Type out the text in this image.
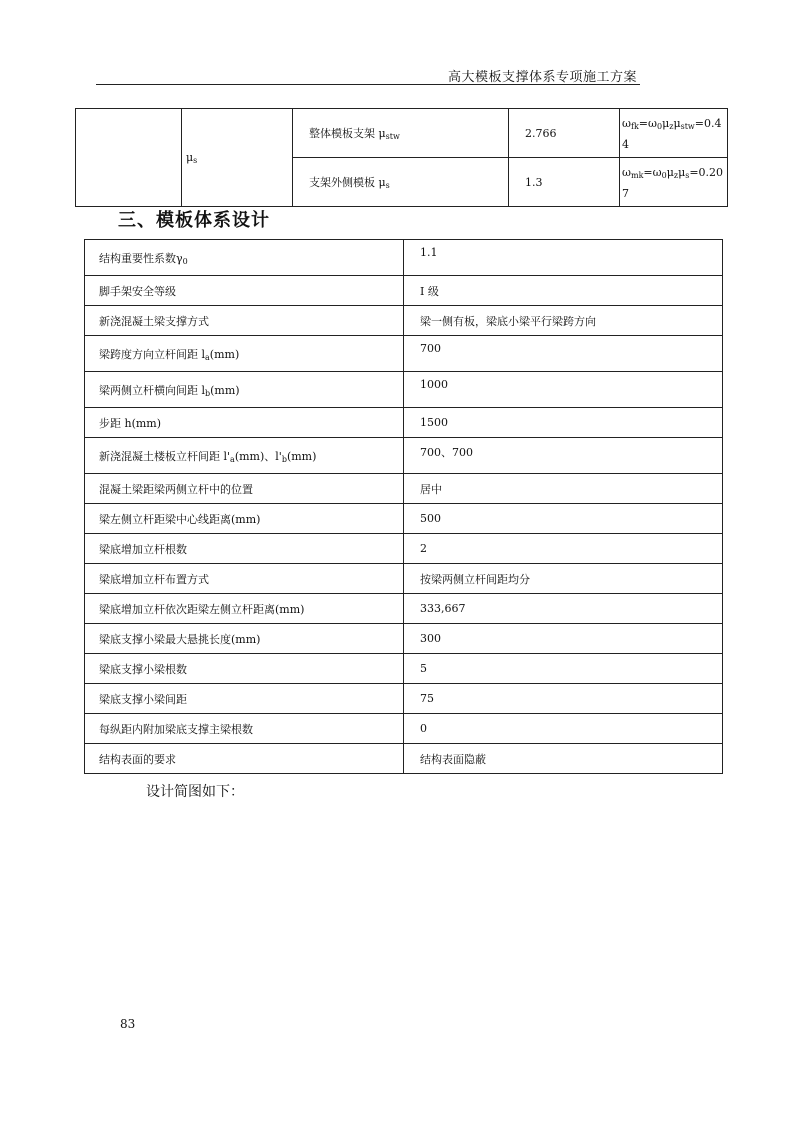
高大模板支撑体系专项施工方案
	$\mu_s$	整体模板支架 $\mu_{stw}$	2.766	$\omega_{fk}=\omega_0\mu_z\mu_{stw}=0.44$
		支架外侧模板 $\mu_s$	1.3	$\omega_{mk}=\omega_0\mu_z\mu_s=0.207$
三、模板体系设计
结构重要性系数$\gamma_0$	1.1
脚手架安全等级	I 级
新浇混凝土梁支撑方式	梁一侧有板，梁底小梁平行梁跨方向
梁跨度方向立杆间距 $l_a(mm)$	700
梁两侧立杆横向间距 $l_b(mm)$	1000
步距 h(mm)	1500
新浇混凝土楼板立杆间距 $l'_a(mm)$、$l'_b(mm)$	700、700
混凝土梁距梁两侧立杆中的位置	居中
梁左侧立杆距梁中心线距离(mm)	500
梁底增加立杆根数	2
梁底增加立杆布置方式	按梁两侧立杆间距均分
梁底增加立杆依次距梁左侧立杆距离(mm)	333,667
梁底支撑小梁最大悬挑长度(mm)	300
梁底支撑小梁根数	5
梁底支撑小梁间距	75
每纵距内附加梁底支撑主梁根数	0
结构表面的要求	结构表面隐蔽
设计简图如下：
83
